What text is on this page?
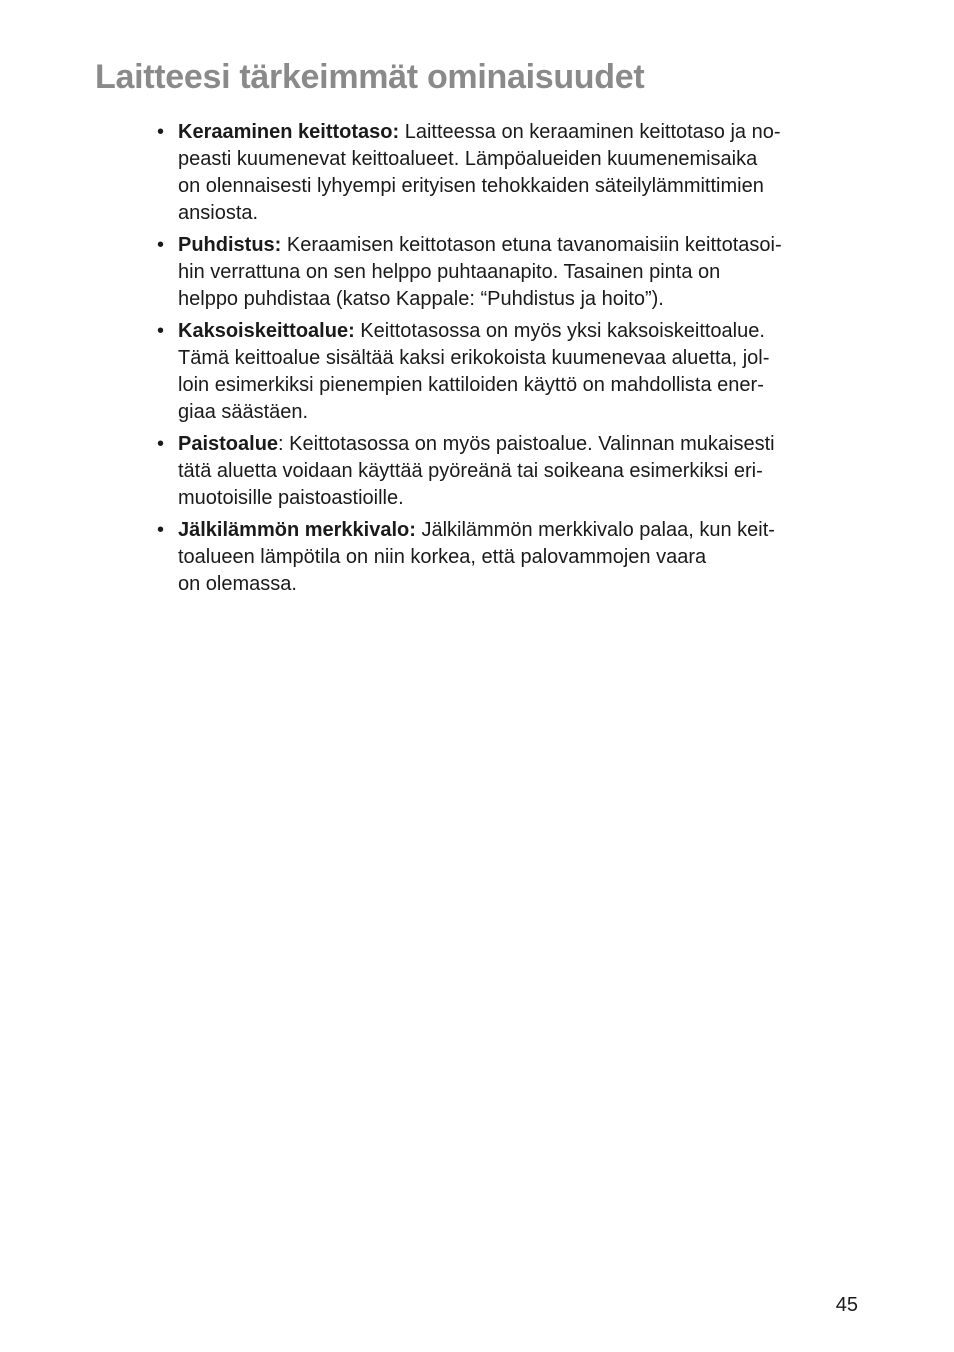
Laitteesi tärkeimmät ominaisuudet
• Keraaminen keittotaso: Laitteessa on keraaminen keittotaso ja no-
peasti kuumenevat keittoalueet. Lämpöalueiden kuumenemisaika
on olennaisesti lyhyempi erityisen tehokkaiden säteilylämmittimien
ansiosta.
• Puhdistus: Keraamisen keittotason etuna tavanomaisiin keittotasoi-
hin verrattuna on sen helppo puhtaanapito. Tasainen pinta on
helppo puhdistaa (katso Kappale: “Puhdistus ja hoito”).
• Kaksoiskeittoalue: Keittotasossa on myös yksi kaksoiskeittoalue.
Tämä keittoalue sisältää kaksi erikokoista kuumenevaa aluetta, jol-
loin esimerkiksi pienempien kattiloiden käyttö on mahdollista ener-
giaa säästäen.
• Paistoalue: Keittotasossa on myös paistoalue. Valinnan mukaisesti
tätä aluetta voidaan käyttää pyöreänä tai soikeana esimerkiksi eri-
muotoisille paistoastioille.
• Jälkilämmön merkkivalo: Jälkilämmön merkkivalo palaa, kun keit-
toalueen lämpötila on niin korkea, että palovammojen vaara
on olemassa.
45
